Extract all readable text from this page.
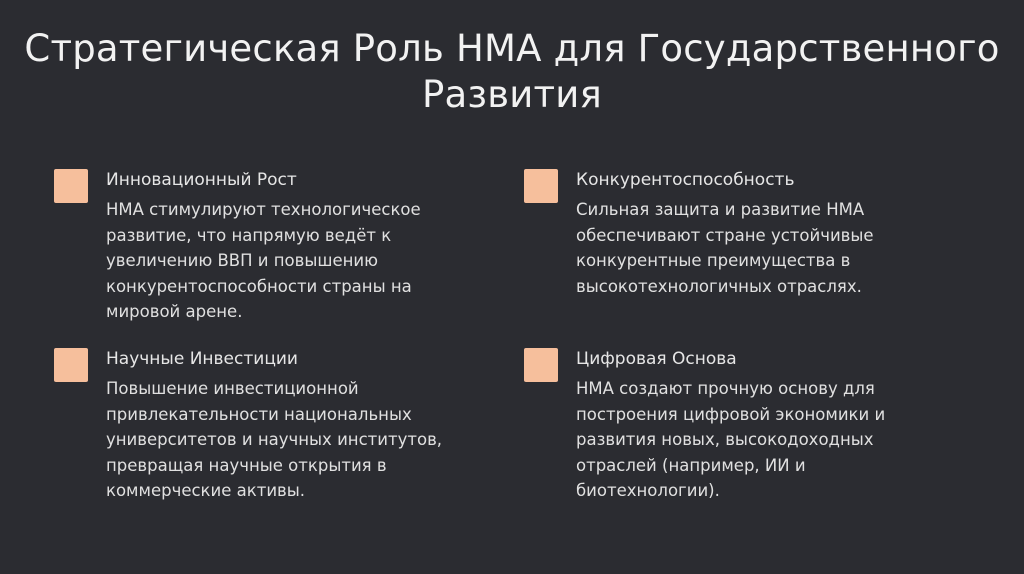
Стратегическая Роль НМА для Государственного
Развития
Инновационный Рост
НМА стимулируют технологическое
развитие, что напрямую ведёт к
увеличению ВВП и повышению
конкурентоспособности страны на
мировой арене.
Конкурентоспособность
Сильная защита и развитие НМА
обеспечивают стране устойчивые
конкурентные преимущества в
высокотехнологичных отраслях.
Научные Инвестиции
Повышение инвестиционной
привлекательности национальных
университетов и научных институтов,
превращая научные открытия в
коммерческие активы.
Цифровая Основа
НМА создают прочную основу для
построения цифровой экономики и
развития новых, высокодоходных
отраслей (например, ИИ и
биотехнологии).
